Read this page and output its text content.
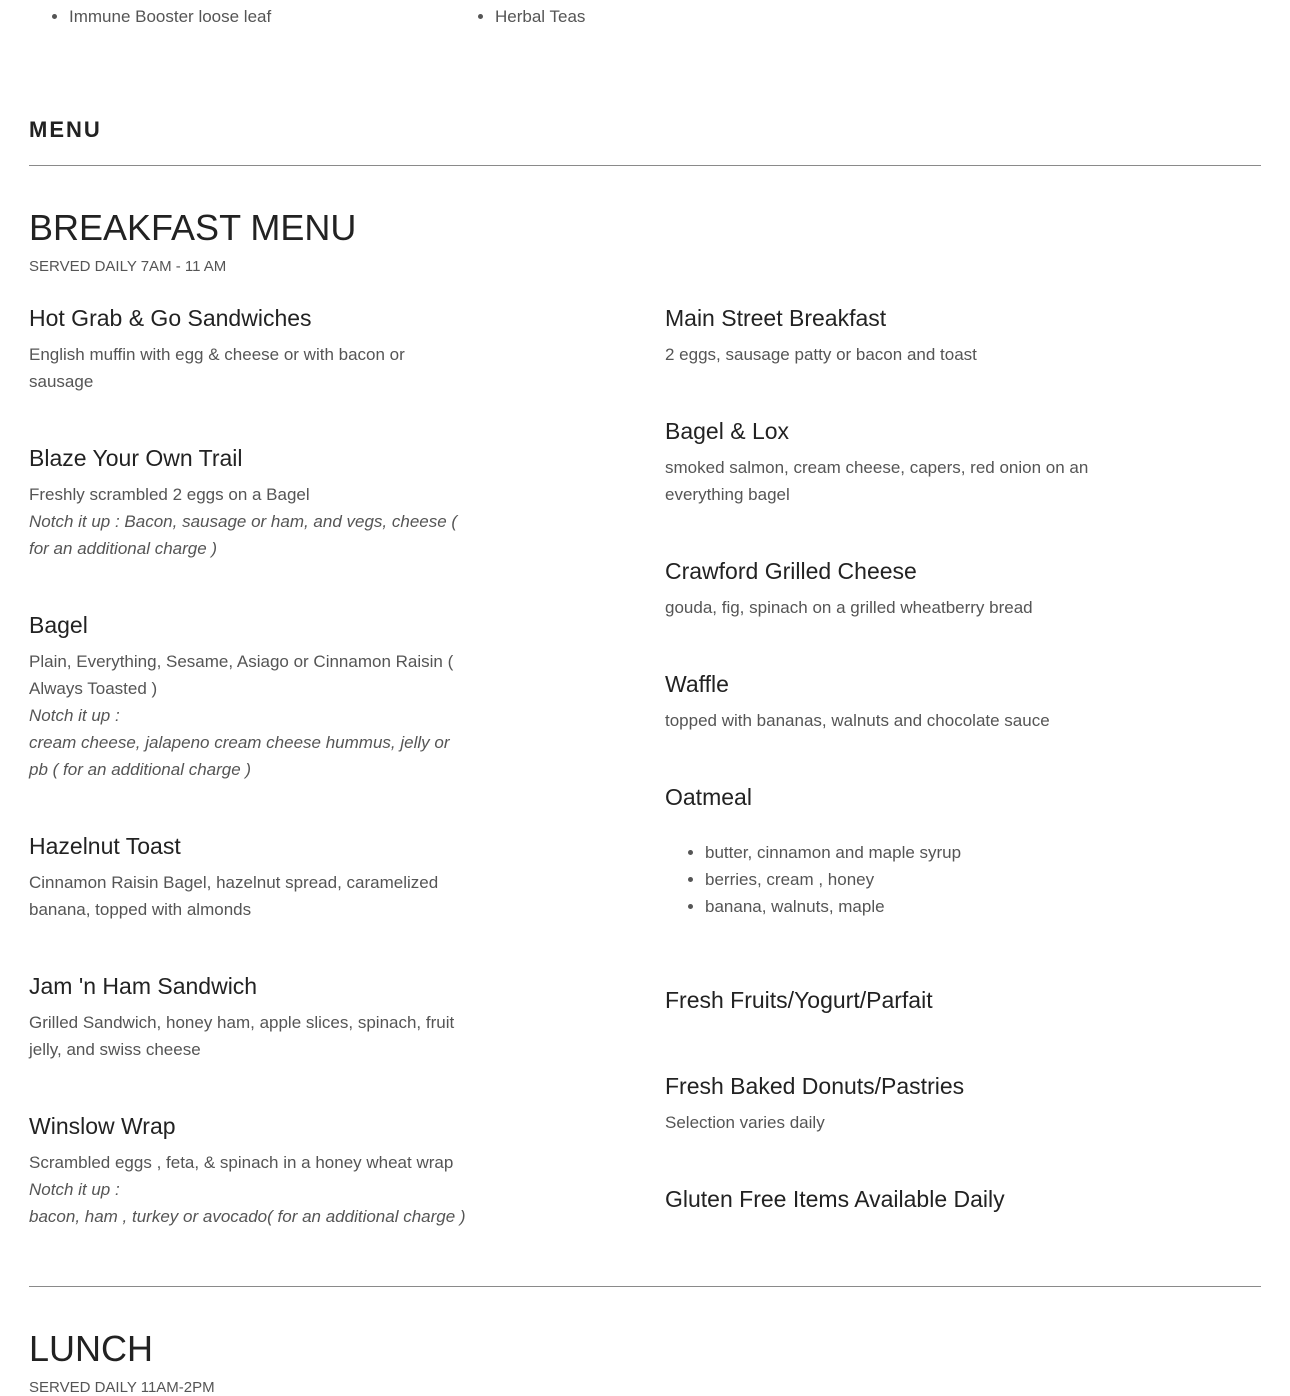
•
• Immune Booster loose leaf
•
•	Herbal Teas
•
MENU
BREAKFAST MENU

SERVED DAILY 7AM - 11 AM

Hot Grab & Go Sandwiches

English muffin with egg & cheese or with bacon or sausage

Blaze Your Own Trail

Freshly scrambled 2 eggs on a Bagel

Notch it up : Bacon, sausage or ham, and vegs, cheese ( for an additional charge )

Bagel

Plain, Everything, Sesame, Asiago or Cinnamon Raisin ( Always Toasted )

Notch it up :

cream cheese, jalapeno cream cheese hummus, jelly or pb ( for an additional charge )

Hazelnut Toast

Cinnamon Raisin Bagel, hazelnut spread, caramelized banana, topped with almonds

Jam 'n Ham Sandwich

Grilled Sandwich, honey ham, apple slices, spinach, fruit jelly, and swiss cheese

Winslow Wrap

Scrambled eggs , feta, & spinach in a honey wheat wrap

Notch it up :

bacon, ham , turkey or avocado( for an additional charge )

Main Street Breakfast

2 eggs, sausage patty or bacon and toast

Bagel & Lox

smoked salmon, cream cheese, capers, red onion on an everything bagel

Crawford Grilled Cheese

gouda, fig, spinach on a grilled wheatberry bread

Waffle

topped with bananas, walnuts and chocolate sauce

Oatmeal
• butter, cinnamon and maple syrup
• berries, cream , honey
• banana, walnuts, maple
Fresh Fruits/Yogurt/Parfait
Fresh Baked Donuts/Pastries

Selection varies daily

Gluten Free Items Available Daily
LUNCH

SERVED DAILY 11AM-2PM
